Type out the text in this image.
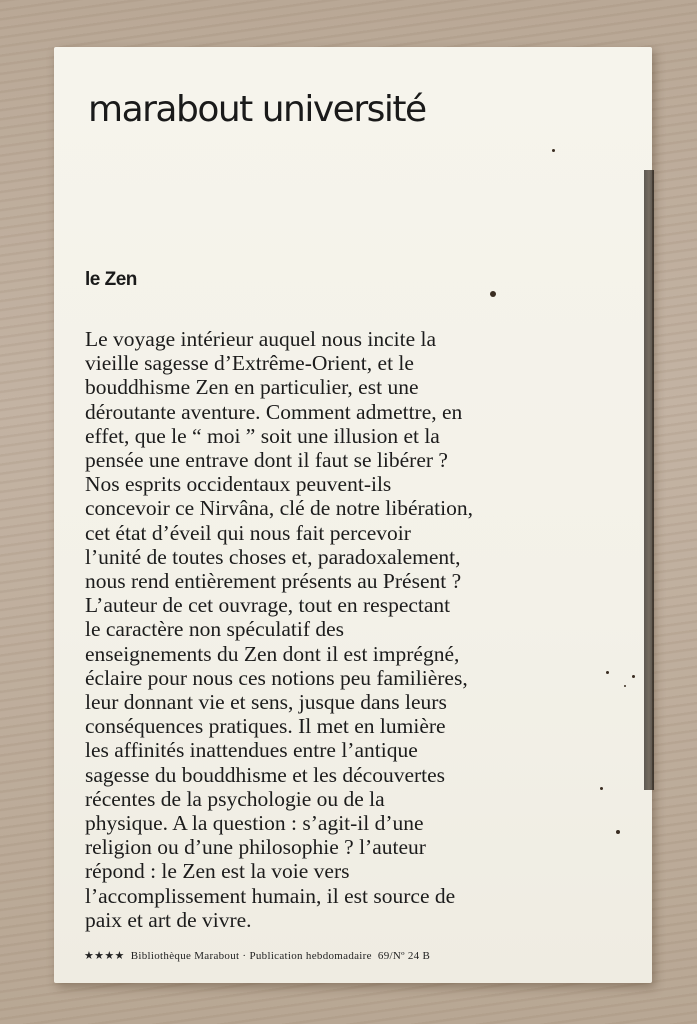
marabout université
le Zen
Le voyage intérieur auquel nous incite la
vieille sagesse d’Extrême-Orient, et le
bouddhisme Zen en particulier, est une
déroutante aventure. Comment admettre, en
effet, que le “ moi ” soit une illusion et la
pensée une entrave dont il faut se libérer ?
Nos esprits occidentaux peuvent-ils
concevoir ce Nirvâna, clé de notre libération,
cet état d’éveil qui nous fait percevoir
l’unité de toutes choses et, paradoxalement,
nous rend entièrement présents au Présent ?
L’auteur de cet ouvrage, tout en respectant
le caractère non spéculatif des
enseignements du Zen dont il est imprégné,
éclaire pour nous ces notions peu familières,
leur donnant vie et sens, jusque dans leurs
conséquences pratiques. Il met en lumière
les affinités inattendues entre l’antique
sagesse du bouddhisme et les découvertes
récentes de la psychologie ou de la
physique. A la question : s’agit-il d’une
religion ou d’une philosophie ? l’auteur
répond : le Zen est la voie vers
l’accomplissement humain, il est source de
paix et art de vivre.
★★★★  Bibliothèque Marabout · Publication hebdomadaire  69/Nº 24 B
